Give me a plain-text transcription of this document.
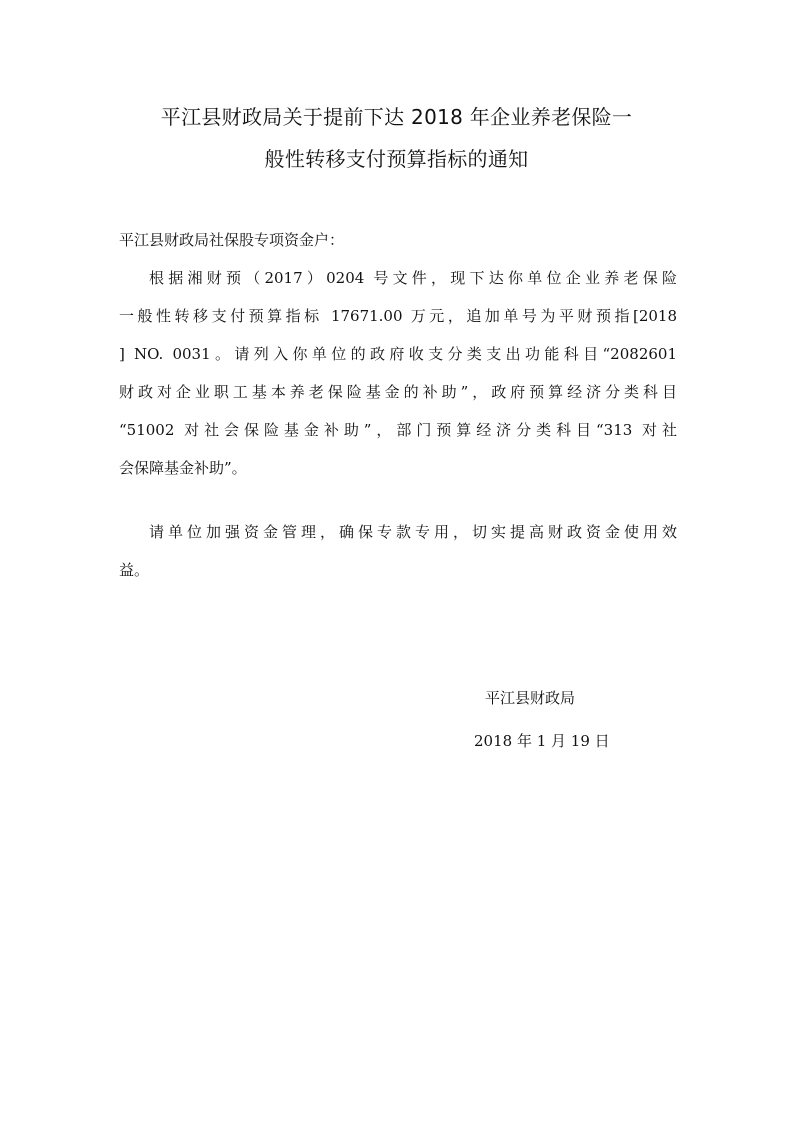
平江县财政局关于提前下达 2018 年企业养老保险一
般性转移支付预算指标的通知
平江县财政局社保股专项资金户：
根据湘财预（2017）0204 号文件，现下达你单位企业养老保险
一般性转移支付预算指标 17671.00 万元，追加单号为平财预指[2018
] NO. 0031。请列入你单位的政府收支分类支出功能科目“2082601
财政对企业职工基本养老保险基金的补助”，政府预算经济分类科目
“51002 对社会保险基金补助”，部门预算经济分类科目“313 对社
会保障基金补助”。
请单位加强资金管理，确保专款专用，切实提高财政资金使用效
益。
平江县财政局
2018 年 1 月 19 日
